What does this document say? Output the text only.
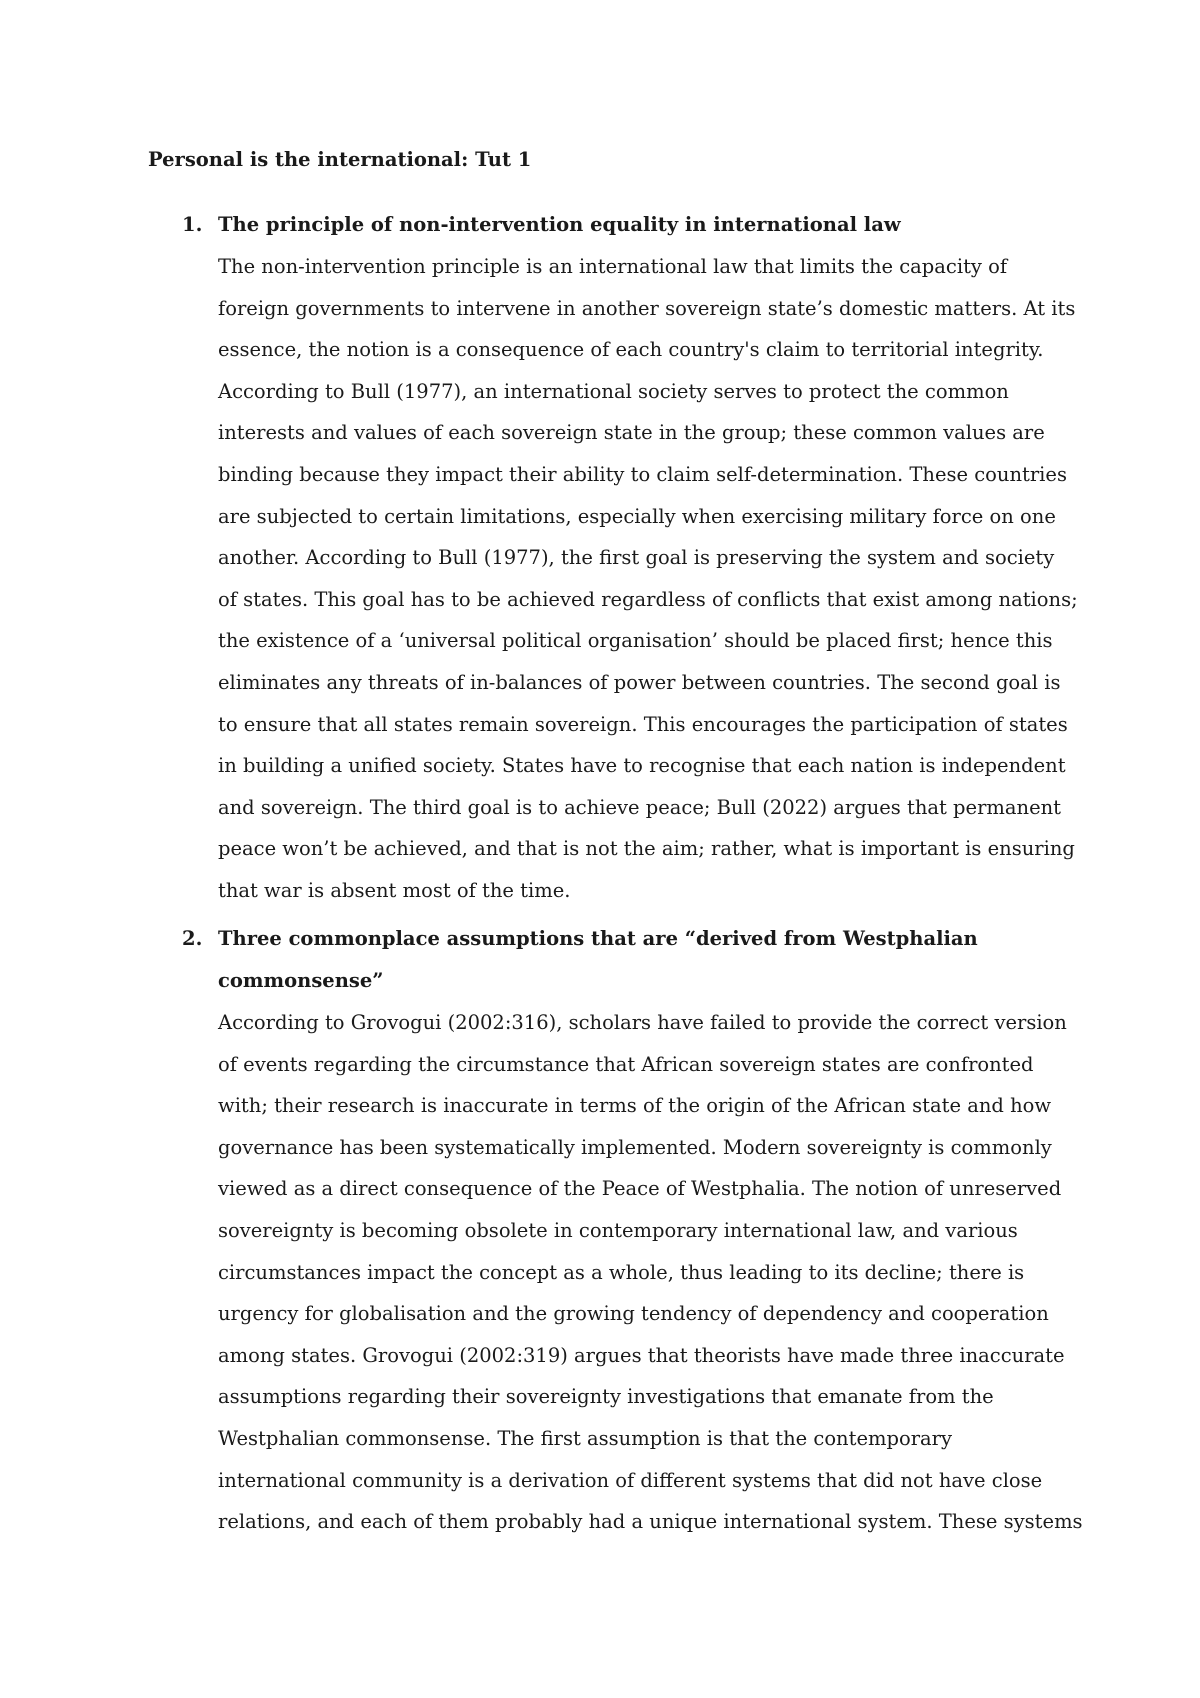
Personal is the international: Tut 1
1. The principle of non-intervention equality in international law
The non-intervention principle is an international law that limits the capacity of
foreign governments to intervene in another sovereign state’s domestic matters. At its
essence, the notion is a consequence of each country's claim to territorial integrity.
According to Bull (1977), an international society serves to protect the common
interests and values of each sovereign state in the group; these common values are
binding because they impact their ability to claim self-determination. These countries
are subjected to certain limitations, especially when exercising military force on one
another. According to Bull (1977), the first goal is preserving the system and society
of states. This goal has to be achieved regardless of conflicts that exist among nations;
the existence of a ‘universal political organisation’ should be placed first; hence this
eliminates any threats of in-balances of power between countries. The second goal is
to ensure that all states remain sovereign. This encourages the participation of states
in building a unified society. States have to recognise that each nation is independent
and sovereign. The third goal is to achieve peace; Bull (2022) argues that permanent
peace won’t be achieved, and that is not the aim; rather, what is important is ensuring
that war is absent most of the time.
2. Three commonplace assumptions that are “derived from Westphalian
commonsense”
According to Grovogui (2002:316), scholars have failed to provide the correct version
of events regarding the circumstance that African sovereign states are confronted
with; their research is inaccurate in terms of the origin of the African state and how
governance has been systematically implemented. Modern sovereignty is commonly
viewed as a direct consequence of the Peace of Westphalia. The notion of unreserved
sovereignty is becoming obsolete in contemporary international law, and various
circumstances impact the concept as a whole, thus leading to its decline; there is
urgency for globalisation and the growing tendency of dependency and cooperation
among states. Grovogui (2002:319) argues that theorists have made three inaccurate
assumptions regarding their sovereignty investigations that emanate from the
Westphalian commonsense. The first assumption is that the contemporary
international community is a derivation of different systems that did not have close
relations, and each of them probably had a unique international system. These systems
